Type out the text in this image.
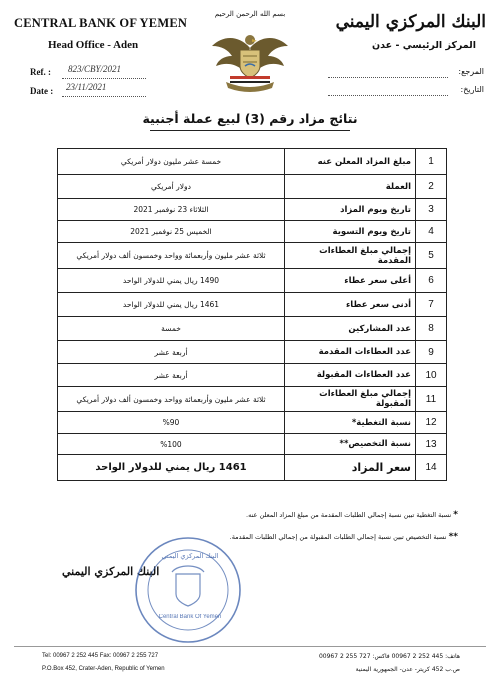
CENTRAL BANK OF YEMEN
Head Office - Aden
Ref. : 823/CBY/2021
Date : 23/11/2021
بسم الله الرحمن الرحيم	البنك المركزي اليمني
المركز الرئيسي - عدن
المرجع:
التاريخ:
نتائج مزاد رقم (3) لبيع عملة أجنبية
خمسة عشر مليون دولار أمريكي	مبلغ المزاد المعلن عنه	1
دولار أمريكي	العملة	2
الثلاثاء 23 نوفمبر 2021	تاريخ ويوم المزاد	3
الخميس 25 نوفمبر 2021	تاريخ ويوم التسوية	4
ثلاثة عشر مليون وأربعمائة وواحد وخمسون ألف دولار أمريكي	إجمالي مبلغ العطاءات المقدمة	5
1490 ريال يمني للدولار الواحد	أعلى سعر عطاء	6
1461 ريال يمني للدولار الواحد	أدنى سعر عطاء	7
خمسة	عدد المشاركين	8
أربعة عشر	عدد العطاءات المقدمة	9
أربعة عشر	عدد العطاءات المقبولة	10
ثلاثة عشر مليون وأربعمائة وواحد وخمسون ألف دولار أمريكي	إجمالي مبلغ العطاءات المقبولة	11
%90	نسبة التغطية*	12
%100	نسبة التخصيص**	13
1461 ريال يمني للدولار الواحد	سعر المزاد	14
* نسبة التغطية تبين نسبة إجمالي الطلبات المقدمة من مبلغ المزاد المعلن عنه.
** نسبة التخصيص تبين نسبة إجمالي الطلبات المقبولة من إجمالي الطلبات المقدمة.
البنك المركزي اليمني
البنك المركزي اليمني
Central Bank Of Yemen
Tel: 00967 2 252 445 Fax: 00967 2 255 727
P.O.Box 452, Crater-Aden, Republic of Yemen
هاتف: 445 252 2 00967 فاكس: 727 255 2 00967
ص.ب 452 كريتر- عدن- الجمهورية اليمنية
